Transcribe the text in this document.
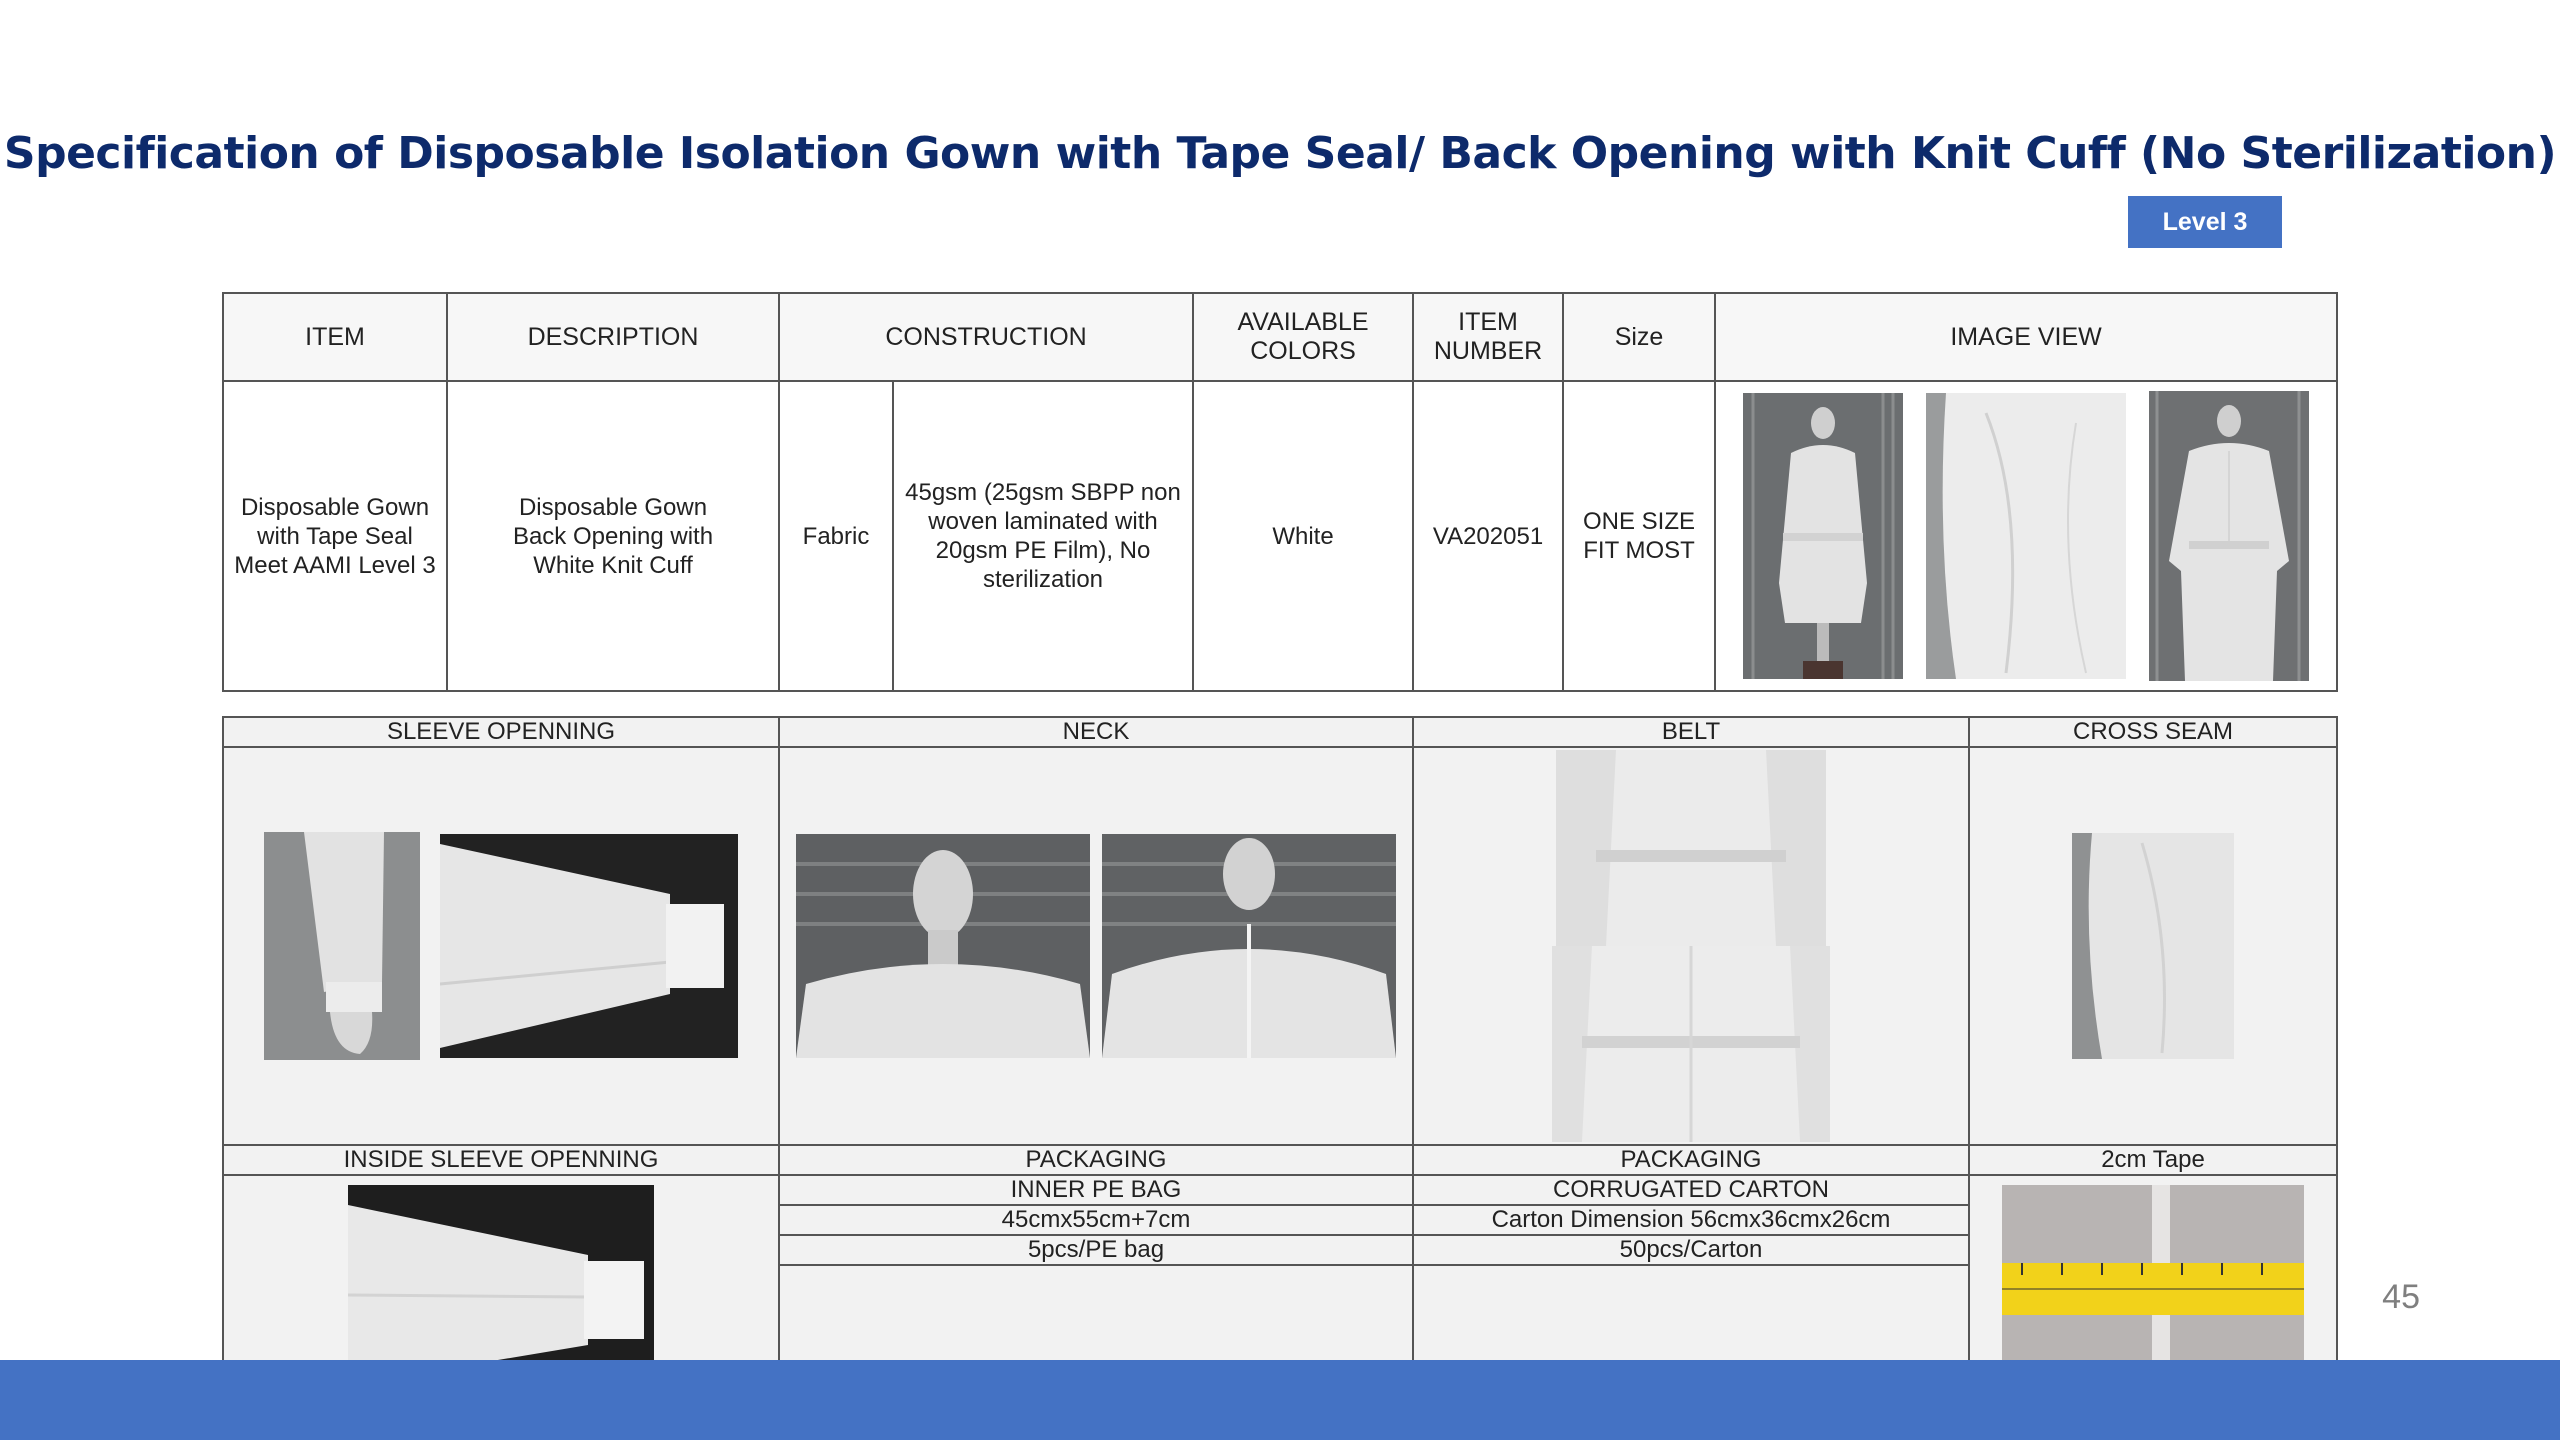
Specification of Disposable Isolation Gown with Tape Seal/ Back Opening with Knit Cuff (No Sterilization)
Level 3
ITEM	DESCRIPTION	CONSTRUCTION		AVAILABLE COLORS	ITEM NUMBER	Size	IMAGE VIEW
Disposable Gown with Tape Seal Meet AAMI Level 3	Disposable Gown Back Opening with White Knit Cuff	Fabric	45gsm (25gsm SBPP non woven laminated with 20gsm PE Film), No sterilization	White	VA202051	ONE SIZE FIT MOST	

SLEEVE OPENNING	NECK	BELT	CROSS SEAM

INSIDE SLEEVE OPENNING	PACKAGING	PACKAGING	2cm Tape

	INNER PE BAG	CORRUGATED CARTON	

	45cmx55cm+7cm	Carton Dimension 56cmx36cmx26cm	
	5pcs/PE bag	50pcs/Carton	

45
